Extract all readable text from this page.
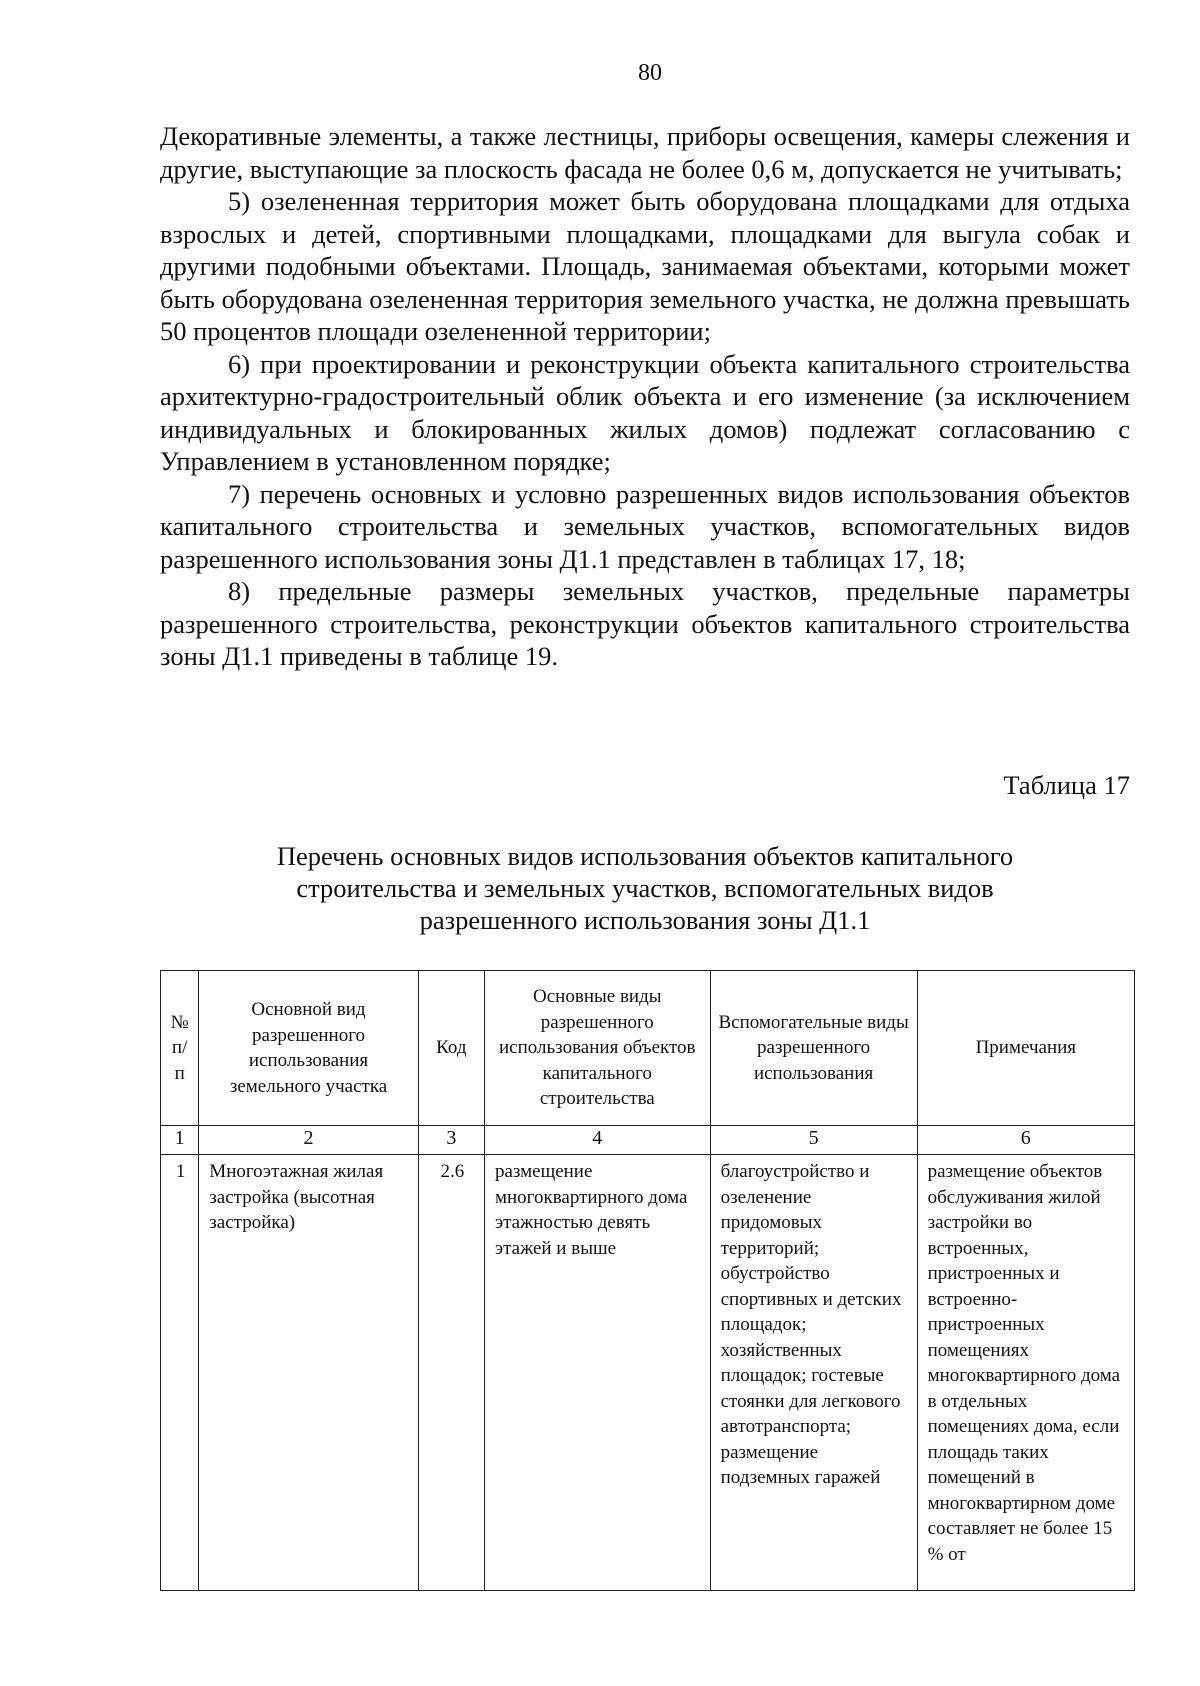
80

Декоративные элементы, а также лестницы, приборы освещения, камеры слежения и другие, выступающие за плоскость фасада не более 0,6 м, допускается не учитывать;

5) озелененная территория может быть оборудована площадками для отдыха взрослых и детей, спортивными площадками, площадками для выгула собак и другими подобными объектами. Площадь, занимаемая объектами, которыми может быть оборудована озелененная территория земельного участка, не должна превышать 50 процентов площади озелененной территории;

6) при проектировании и реконструкции объекта капитального строительства архитектурно-градостроительный облик объекта и его изменение (за исключением индивидуальных и блокированных жилых домов) подлежат согласованию с Управлением в установленном порядке;

7) перечень основных и условно разрешенных видов использования объектов капитального строительства и земельных участков, вспомогательных видов разрешенного использования зоны Д1.1 представлен в таблицах 17, 18;

8) предельные размеры земельных участков, предельные параметры разрешенного строительства, реконструкции объектов капитального строительства зоны Д1.1 приведены в таблице 19.

Таблица 17
Перечень основных видов использования объектов капитального
строительства и земельных участков, вспомогательных видов
разрешенного использования зоны Д1.1
№ п/п	Основной вид разрешенного использования земельного участка	Код	Основные виды разрешенного использования объектов капитального строительства	Вспомогательные виды разрешенного использования	Примечания
1	2	3	4	5	6
1	Многоэтажная жилая застройка (высотная застройка)	2.6	размещение многоквартирного дома этажностью девять этажей и выше	благоустройство и озеленение придомовых территорий; обустройство спортивных и детских площадок; хозяйственных площадок; гостевые стоянки для легкового автотранспорта; размещение подземных гаражей	размещение объектов обслуживания жилой застройки во встроенных, пристроенных и встроенно-пристроенных помещениях многоквартирного дома в отдельных помещениях дома, если площадь таких помещений в многоквартирном доме составляет не более 15 % от
